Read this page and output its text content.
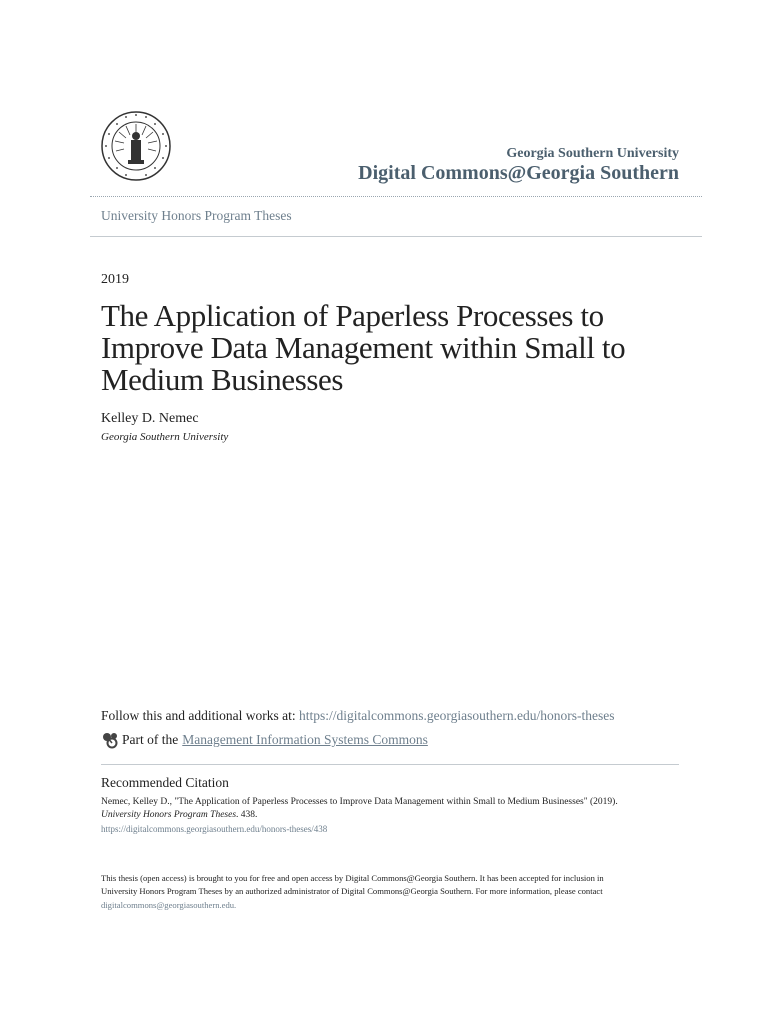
Georgia Southern University
Digital Commons@Georgia Southern
University Honors Program Theses
2019
The Application of Paperless Processes to Improve Data Management within Small to Medium Businesses
Kelley D. Nemec
Georgia Southern University
Follow this and additional works at: https://digitalcommons.georgiasouthern.edu/honors-theses
Part of the Management Information Systems Commons
Recommended Citation
Nemec, Kelley D., "The Application of Paperless Processes to Improve Data Management within Small to Medium Businesses" (2019).
University Honors Program Theses. 438.
https://digitalcommons.georgiasouthern.edu/honors-theses/438
This thesis (open access) is brought to you for free and open access by Digital Commons@Georgia Southern. It has been accepted for inclusion in
University Honors Program Theses by an authorized administrator of Digital Commons@Georgia Southern. For more information, please contact
digitalcommons@georgiasouthern.edu.
